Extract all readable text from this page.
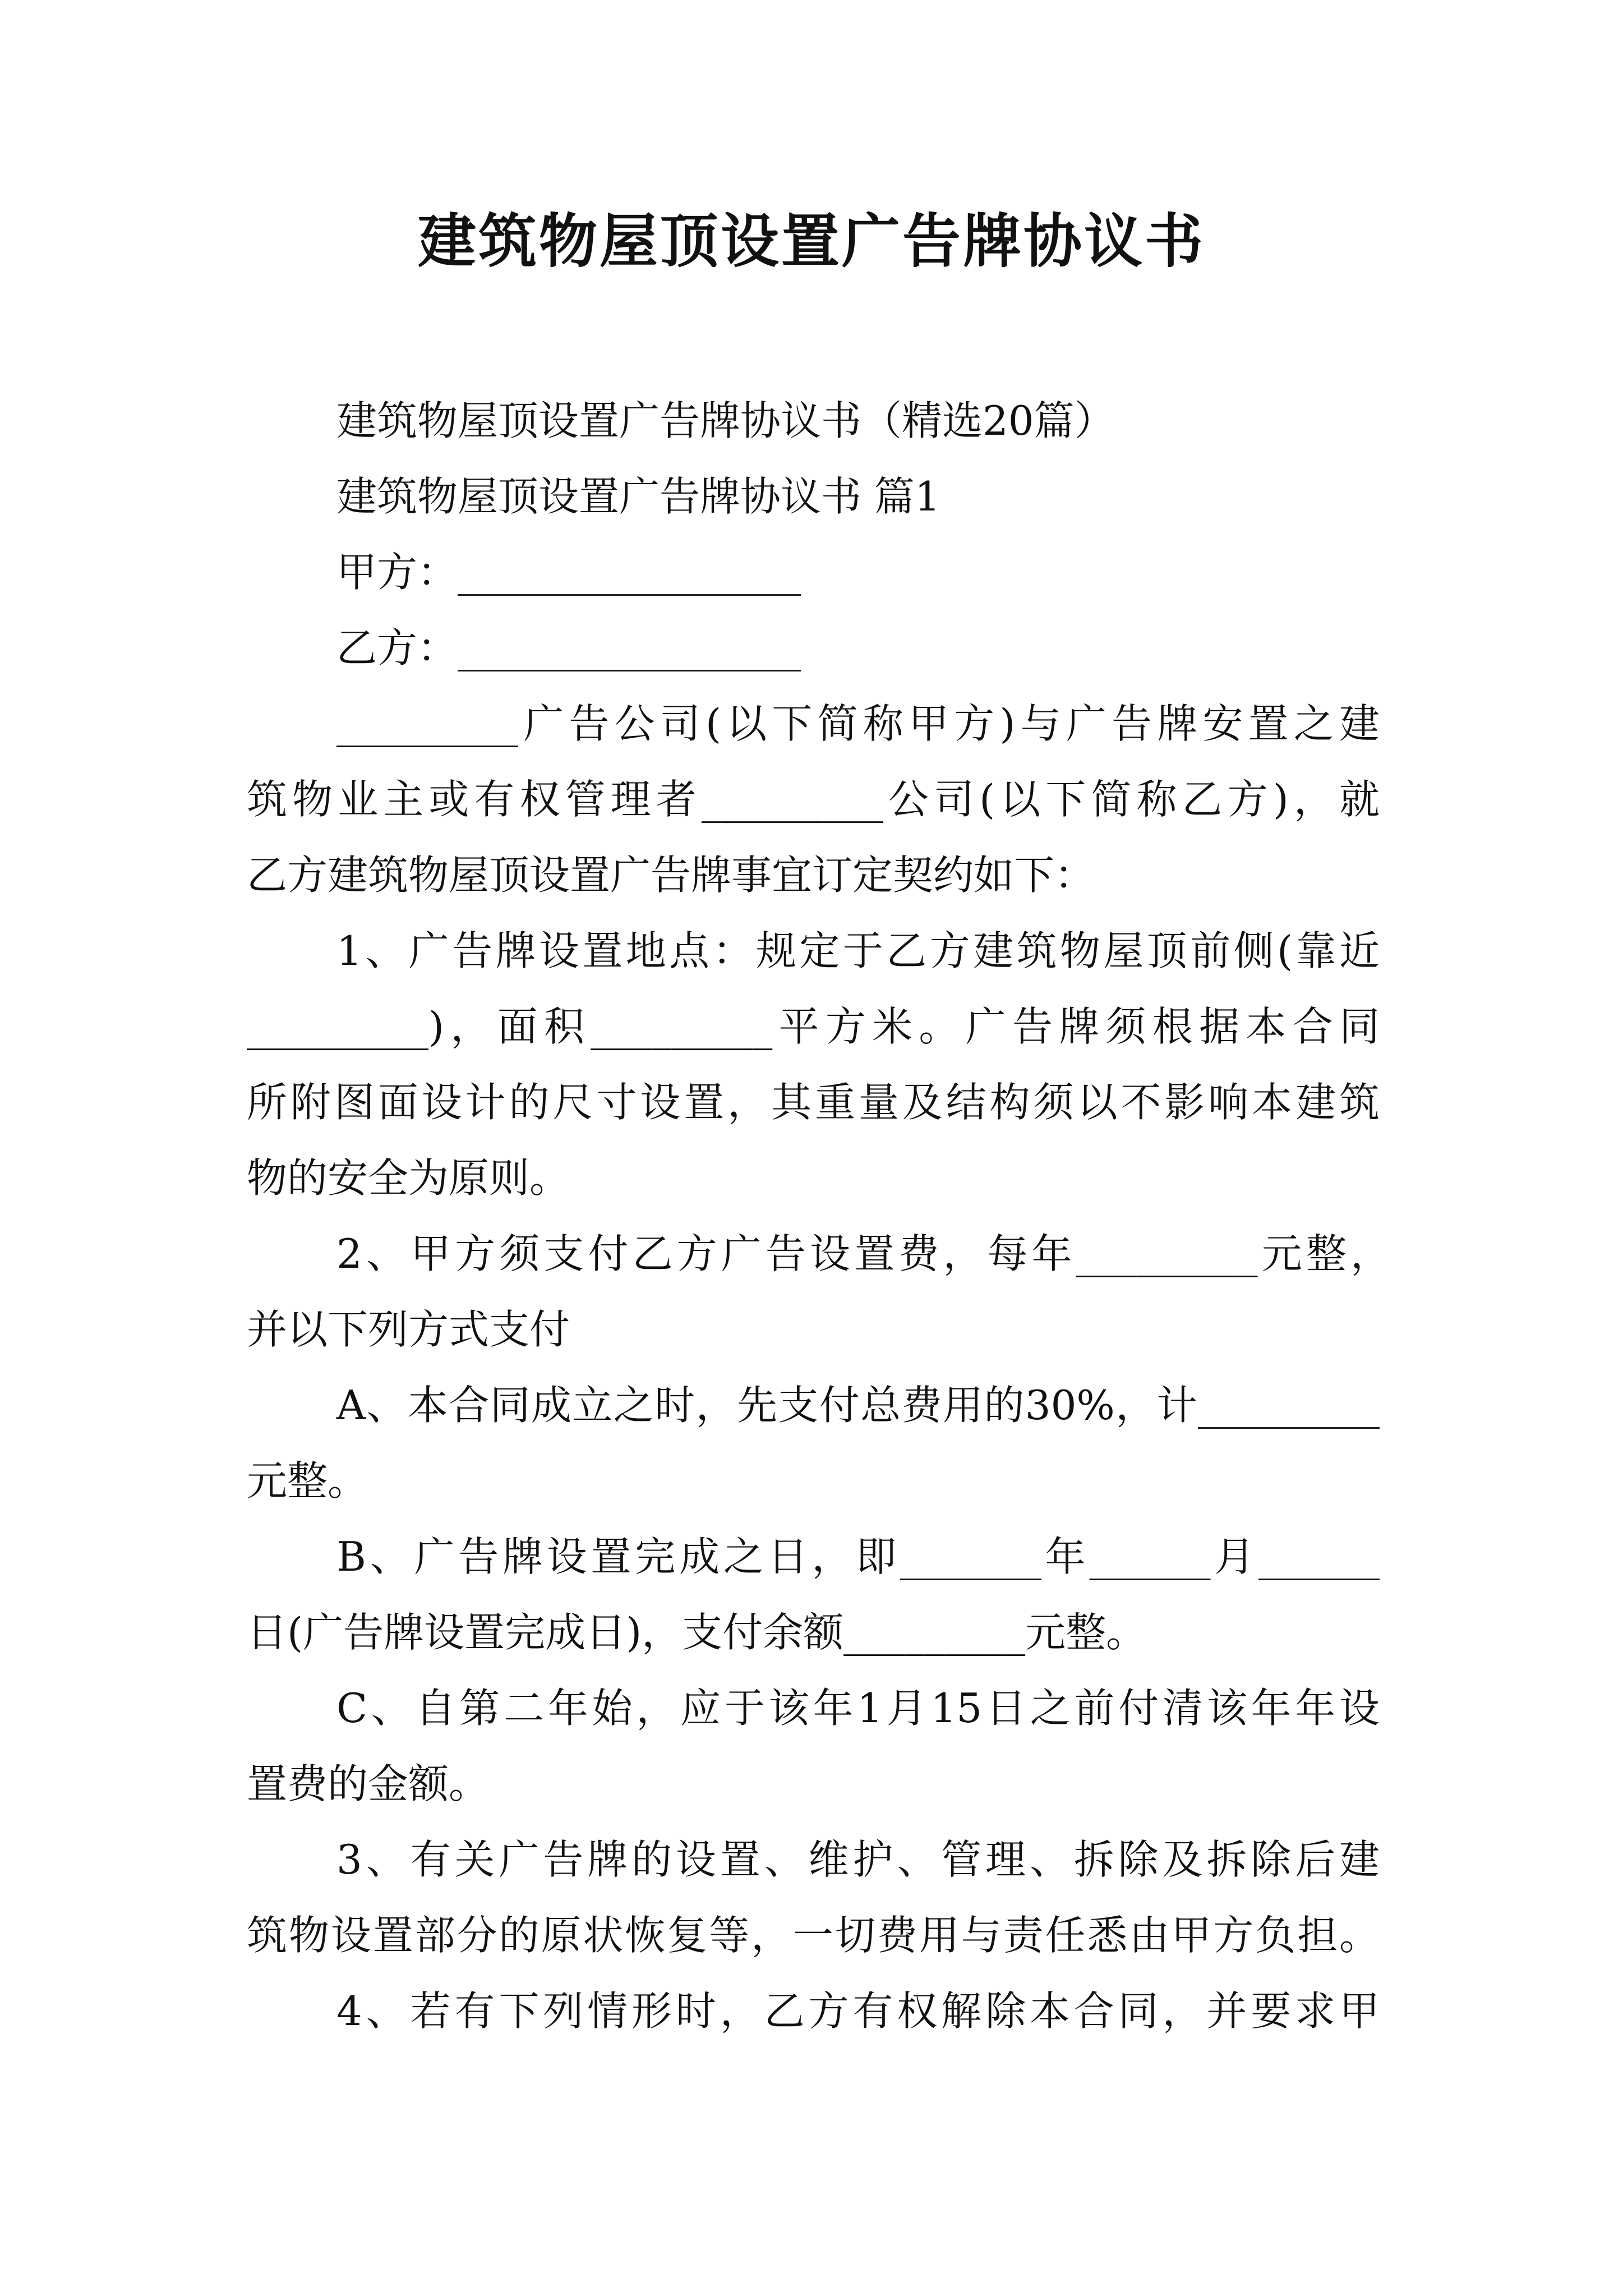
建筑物屋顶设置广告牌协议书

建筑物屋顶设置广告牌协议书（精选20篇）

建筑物屋顶设置广告牌协议书 篇1

甲方：_________________

乙方：_________________

_________广告公司(以下简称甲方)与广告牌安置之建

筑物业主或有权管理者_________公司(以下简称乙方)，就

乙方建筑物屋顶设置广告牌事宜订定契约如下：

1、广告牌设置地点：规定于乙方建筑物屋顶前侧(靠近

_________)，面积_________平方米。广告牌须根据本合同

所附图面设计的尺寸设置，其重量及结构须以不影响本建筑

物的安全为原则。

2、甲方须支付乙方广告设置费，每年_________元整，

并以下列方式支付

A、本合同成立之时，先支付总费用的30%，计_________

元整。

B、广告牌设置完成之日，即_______年______月______

日(广告牌设置完成日)，支付余额_________元整。

C、自第二年始，应于该年1月15日之前付清该年年设

置费的金额。

3、有关广告牌的设置、维护、管理、拆除及拆除后建

筑物设置部分的原状恢复等，一切费用与责任悉由甲方负担。

4、若有下列情形时，乙方有权解除本合同，并要求甲
